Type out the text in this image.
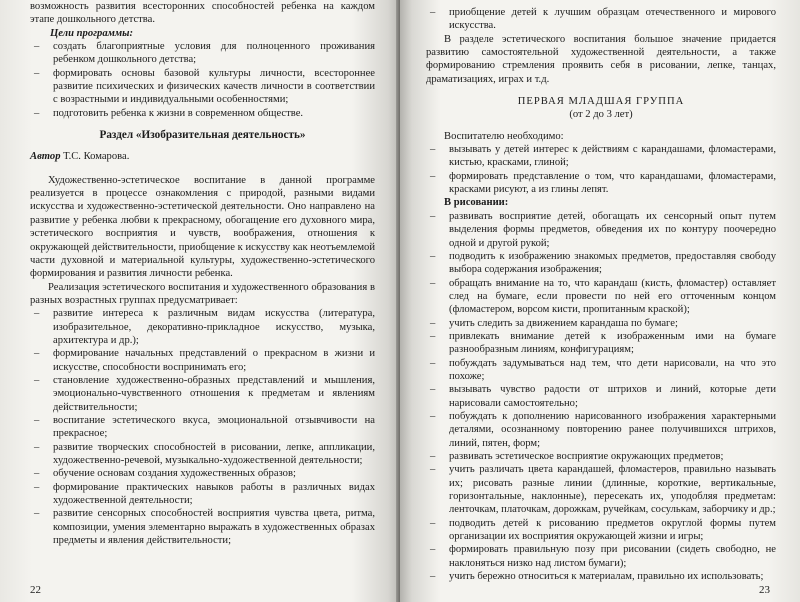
возможность развития всесторонних способностей ребенка на каждом этапе дошкольного детства.

Цели программы:

– создать благоприятные условия для полноценного проживания ребенком дошкольного детства;
– формировать основы базовой культуры личности, всестороннее развитие психических и физических качеств личности в соответствии с возрастными и индивидуальными особенностями;
– подготовить ребенка к жизни в современном обществе.
Раздел «Изобразительная деятельность»

Автор Т.С. Комарова.

Художественно-эстетическое воспитание в данной программе реализуется в процессе ознакомления с природой, разными видами искусства и художественно-эстетической деятельности. Оно направлено на развитие у ребенка любви к прекрасному, обогащение его духовного мира, эстетического восприятия и чувств, воображения, отношения к окружающей действительности, приобщение к искусству как неотъемлемой части духовной и материальной культуры, художественно-эстетического формирования и развития личности ребенка.

Реализация эстетического воспитания и художественного образования в разных возрастных группах предусматривает:

– развитие интереса к различным видам искусства (литература, изобразительное, декоративно-прикладное искусство, музыка, архитектура и др.);
– формирование начальных представлений о прекрасном в жизни и искусстве, способности воспринимать его;
– становление художественно-образных представлений и мышления, эмоционально-чувственного отношения к предметам и явлениям действительности;
– воспитание эстетического вкуса, эмоциональной отзывчивости на прекрасное;
– развитие творческих способностей в рисовании, лепке, аппликации, художественно-речевой, музыкально-художественной деятельности;
– обучение основам создания художественных образов;
– формирование практических навыков работы в различных видах художественной деятельности;
– развитие сенсорных способностей восприятия чувства цвета, ритма, композиции, умения элементарно выражать в художественных образах предметы и явления действительности;
22
– приобщение детей к лучшим образцам отечественного и мирового искусства.

В разделе эстетического воспитания большое значение придается развитию самостоятельной художественной деятельности, а также формированию стремления проявить себя в рисовании, лепке, танцах, драматизациях, играх и т.д.

ПЕРВАЯ МЛАДШАЯ ГРУППА
(от 2 до 3 лет)

Воспитателю необходимо:

– вызывать у детей интерес к действиям с карандашами, фломастерами, кистью, красками, глиной;
– формировать представление о том, что карандашами, фломастерами, красками рисуют, а из глины лепят.

В рисовании:

– развивать восприятие детей, обогащать их сенсорный опыт путем выделения формы предметов, обведения их по контуру поочередно одной и другой рукой;
– подводить к изображению знакомых предметов, предоставляя свободу выбора содержания изображения;
– обращать внимание на то, что карандаш (кисть, фломастер) оставляет след на бумаге, если провести по ней его отточенным концом (фломастером, ворсом кисти, пропитанным краской);
– учить следить за движением карандаша по бумаге;
– привлекать внимание детей к изображенным ими на бумаге разнообразным линиям, конфигурациям;
– побуждать задумываться над тем, что дети нарисовали, на что это похоже;
– вызывать чувство радости от штрихов и линий, которые дети нарисовали самостоятельно;
– побуждать к дополнению нарисованного изображения характерными деталями, осознанному повторению ранее получившихся штрихов, линий, пятен, форм;
– развивать эстетическое восприятие окружающих предметов;
– учить различать цвета карандашей, фломастеров, правильно называть их; рисовать разные линии (длинные, короткие, вертикальные, горизонтальные, наклонные), пересекать их, уподобляя предметам: ленточкам, платочкам, дорожкам, ручейкам, сосулькам, заборчику и др.;
– подводить детей к рисованию предметов округлой формы путем организации их восприятия окружающей жизни и игры;
– формировать правильную позу при рисовании (сидеть свободно, не наклоняться низко над листом бумаги);
– учить бережно относиться к материалам, правильно их использовать;
23
